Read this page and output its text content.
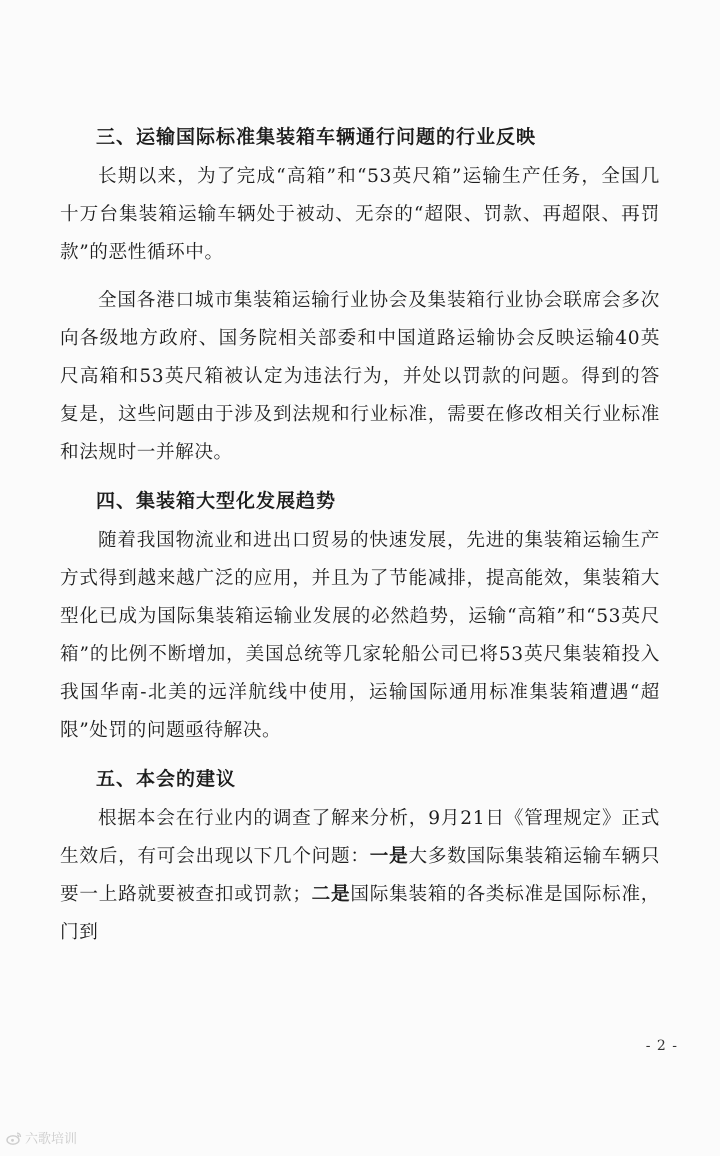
三、运输国际标准集装箱车辆通行问题的行业反映

长期以来，为了完成“高箱”和“53英尺箱”运输生产任务，全国几十万台集装箱运输车辆处于被动、无奈的“超限、罚款、再超限、再罚款”的恶性循环中。

全国各港口城市集装箱运输行业协会及集装箱行业协会联席会多次向各级地方政府、国务院相关部委和中国道路运输协会反映运输40英尺高箱和53英尺箱被认定为违法行为，并处以罚款的问题。得到的答复是，这些问题由于涉及到法规和行业标准，需要在修改相关行业标准和法规时一并解决。

四、集装箱大型化发展趋势

随着我国物流业和进出口贸易的快速发展，先进的集装箱运输生产方式得到越来越广泛的应用，并且为了节能减排，提高能效，集装箱大型化已成为国际集装箱运输业发展的必然趋势，运输“高箱”和“53英尺箱”的比例不断增加，美国总统等几家轮船公司已将53英尺集装箱投入我国华南-北美的远洋航线中使用，运输国际通用标准集装箱遭遇“超限”处罚的问题亟待解决。

五、本会的建议

根据本会在行业内的调查了解来分析，9月21日《管理规定》正式生效后，有可会出现以下几个问题：一是大多数国际集装箱运输车辆只要一上路就要被查扣或罚款；二是国际集装箱的各类标准是国际标准，门到

- 2 -
六歌培训
